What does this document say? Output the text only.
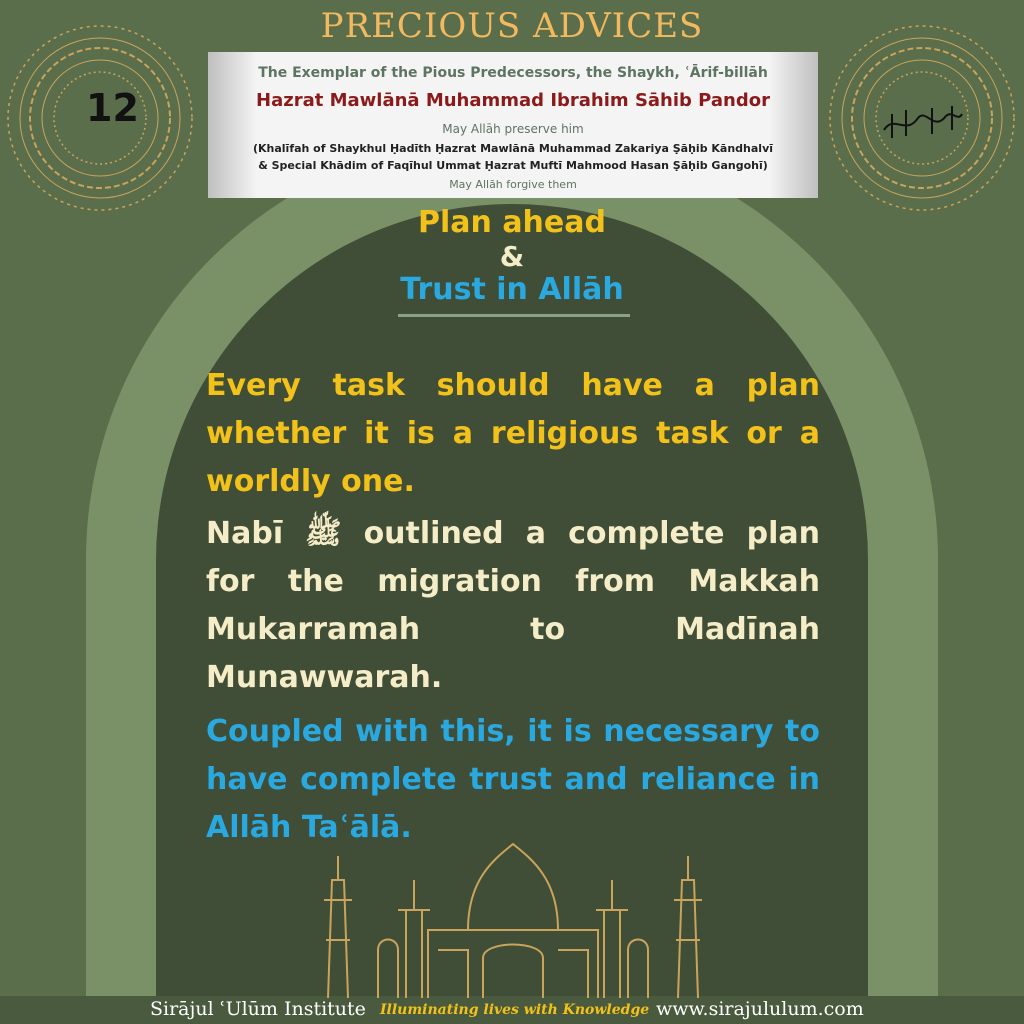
PRECIOUS ADVICES
12
The Exemplar of the Pious Predecessors, the Shaykh, ʿĀrif-billāh
Hazrat Mawlānā Muhammad Ibrahim Sāhib Pandor
May Allāh preserve him
(Khalīfah of Shaykhul Ḥadīth Ḥazrat Mawlānā Muhammad Zakariya Ṣāḥib Kāndhalvī
& Special Khādim of Faqīhul Ummat Ḥazrat Muftī Mahmood Hasan Ṣāḥib Gangohī)
May Allāh forgive them
Plan ahead
&
Trust in Allāh
Every task should have a plan whether it is a religious task or a worldly one.
Nabī ﷺ outlined a complete plan for the migration from Makkah Mukarramah to Madīnah Munawwarah.
Coupled with this, it is necessary to have complete trust and reliance in Allāh Taʿālā.
Sirājul ʿUlūm Institute Illuminating lives with Knowledge www.sirajululum.com
